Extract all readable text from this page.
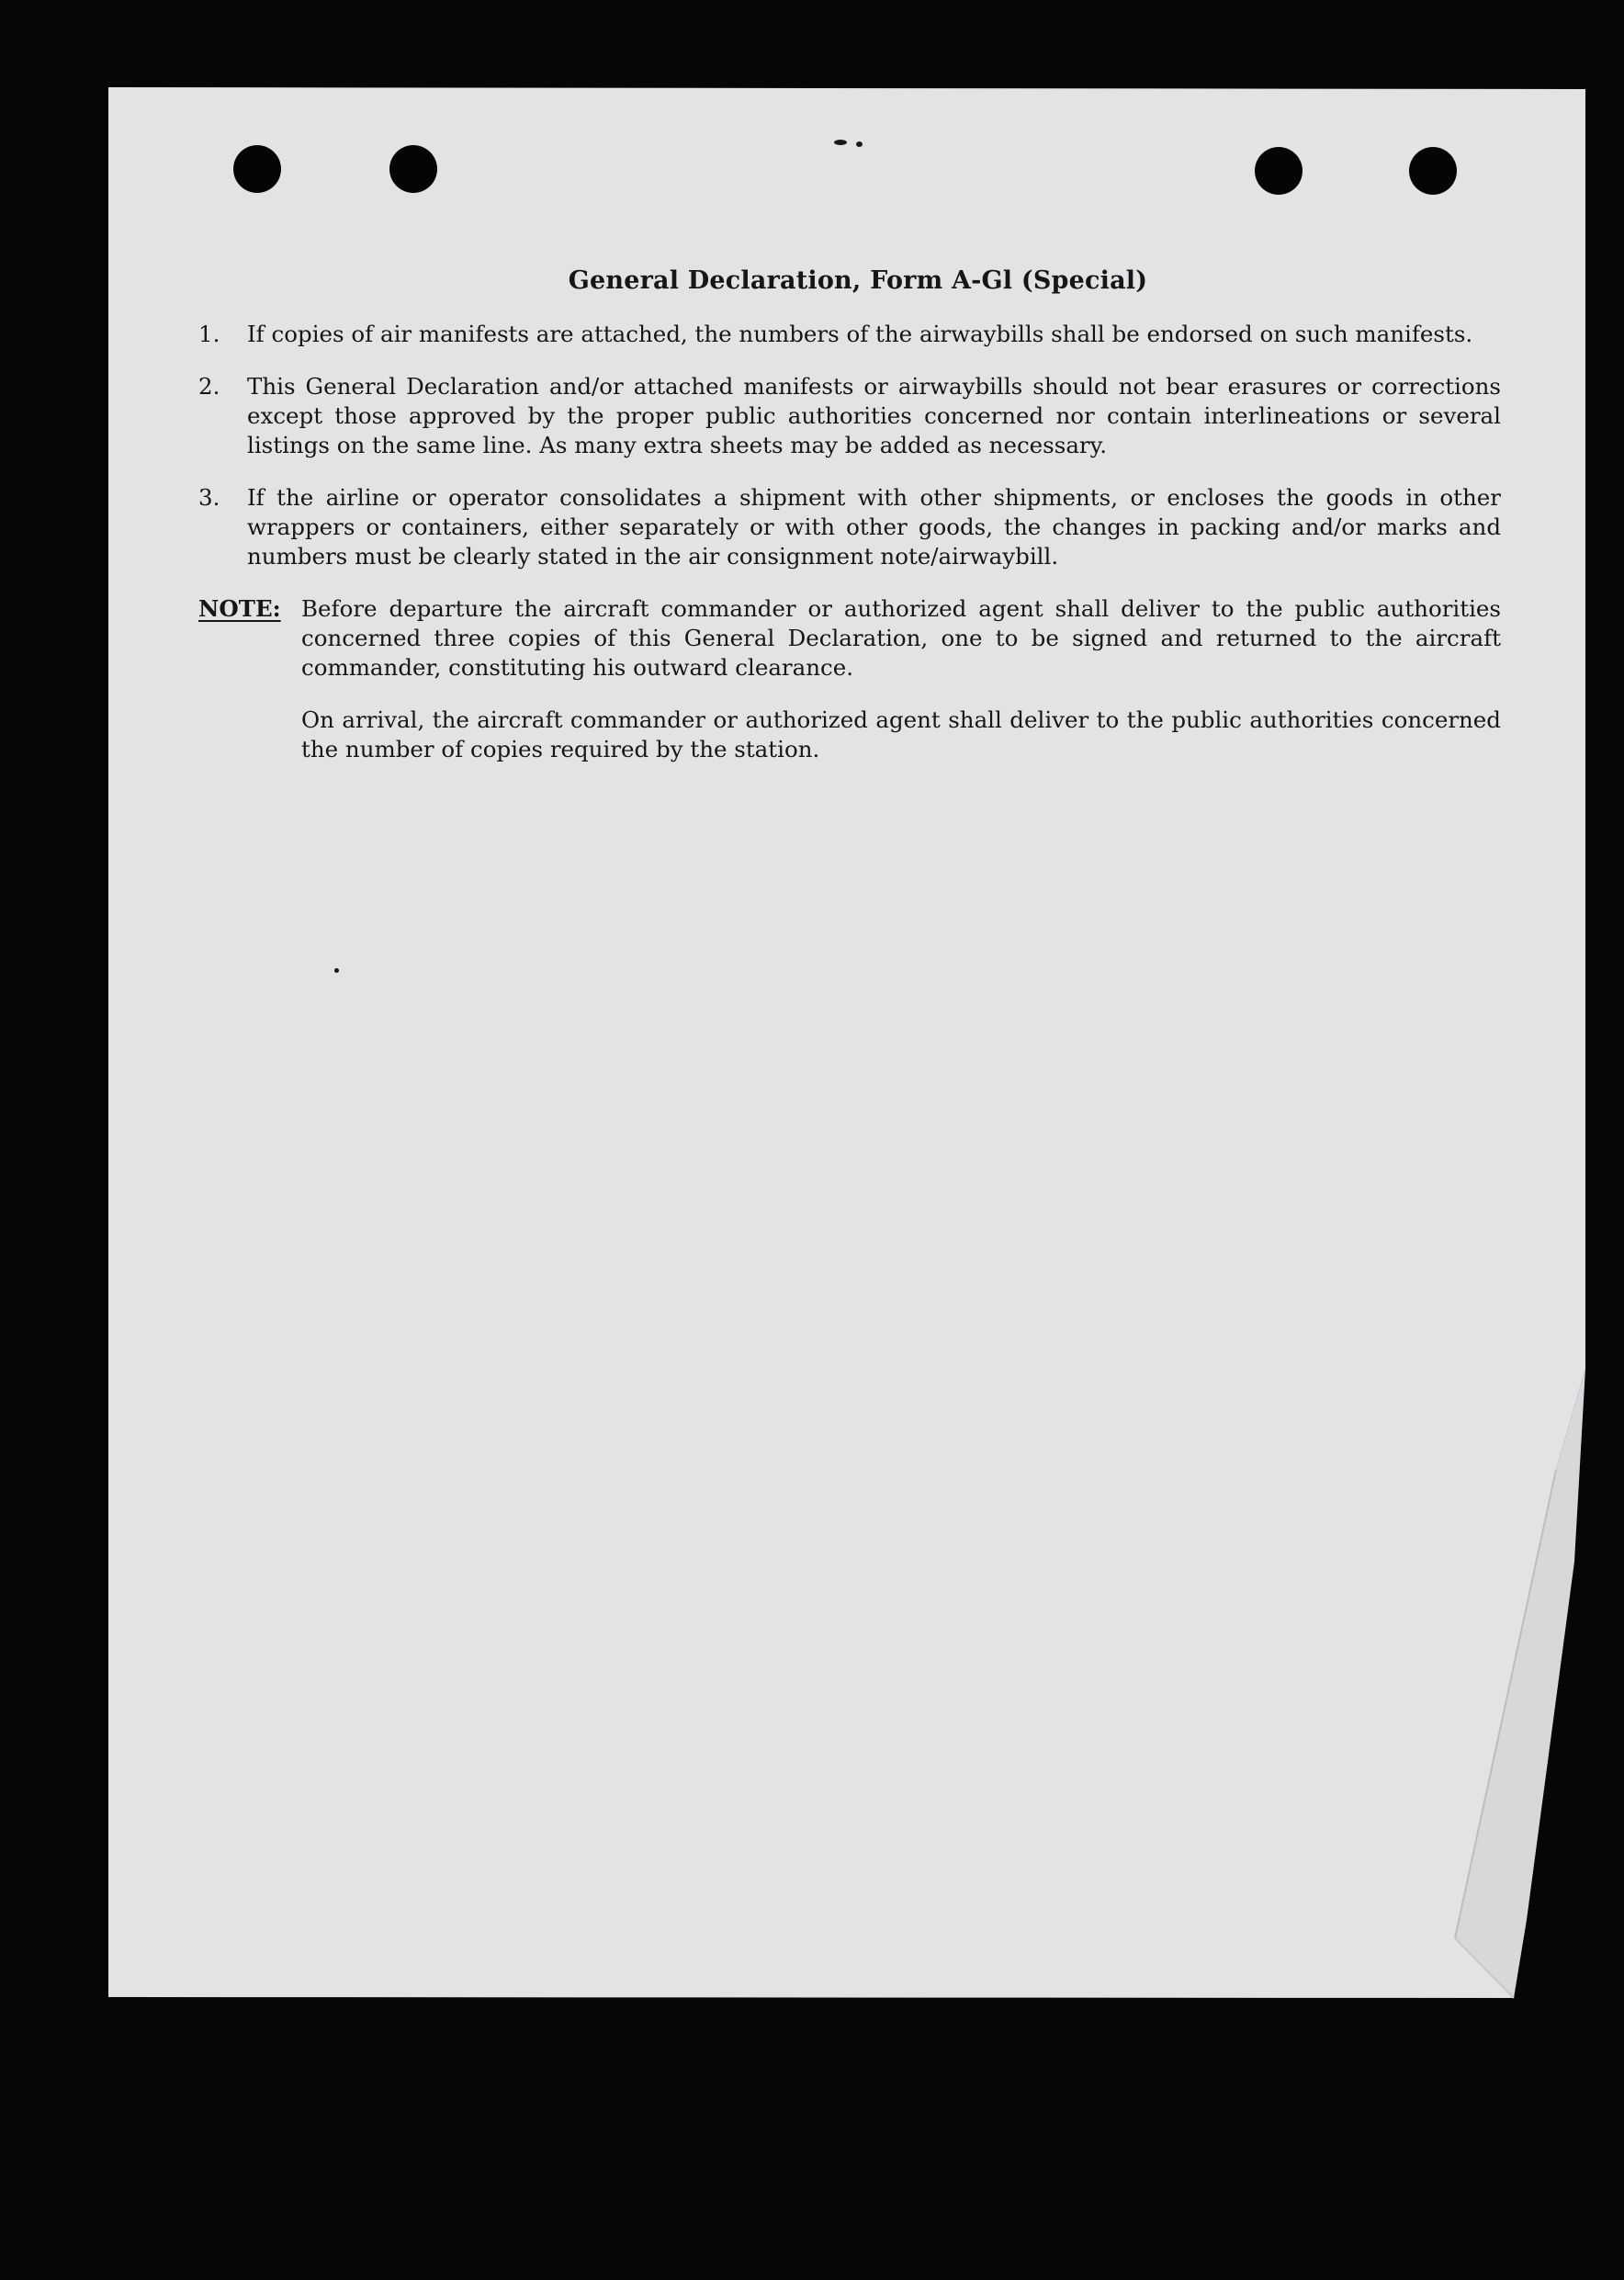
General Declaration, Form A-Gl (Special)
1.	If copies of air manifests are attached, the numbers of the airwaybills shall be endorsed on such manifests.
2.	This General Declaration and/or attached manifests or airwaybills should not bear erasures or corrections except those approved by the proper public authorities concerned nor contain interlineations or several listings on the same line. As many extra sheets may be added as necessary.
3.	If the airline or operator consolidates a shipment with other shipments, or encloses the goods in other wrappers or containers, either separately or with other goods, the changes in packing and/or marks and numbers must be clearly stated in the air consignment note/airwaybill.
NOTE: Before departure the aircraft commander or authorized agent shall deliver to the public authorities concerned three copies of this General Declaration, one to be signed and returned to the aircraft commander, constituting his outward clearance.

On arrival, the aircraft commander or authorized agent shall deliver to the public authorities concerned the number of copies required by the station.
